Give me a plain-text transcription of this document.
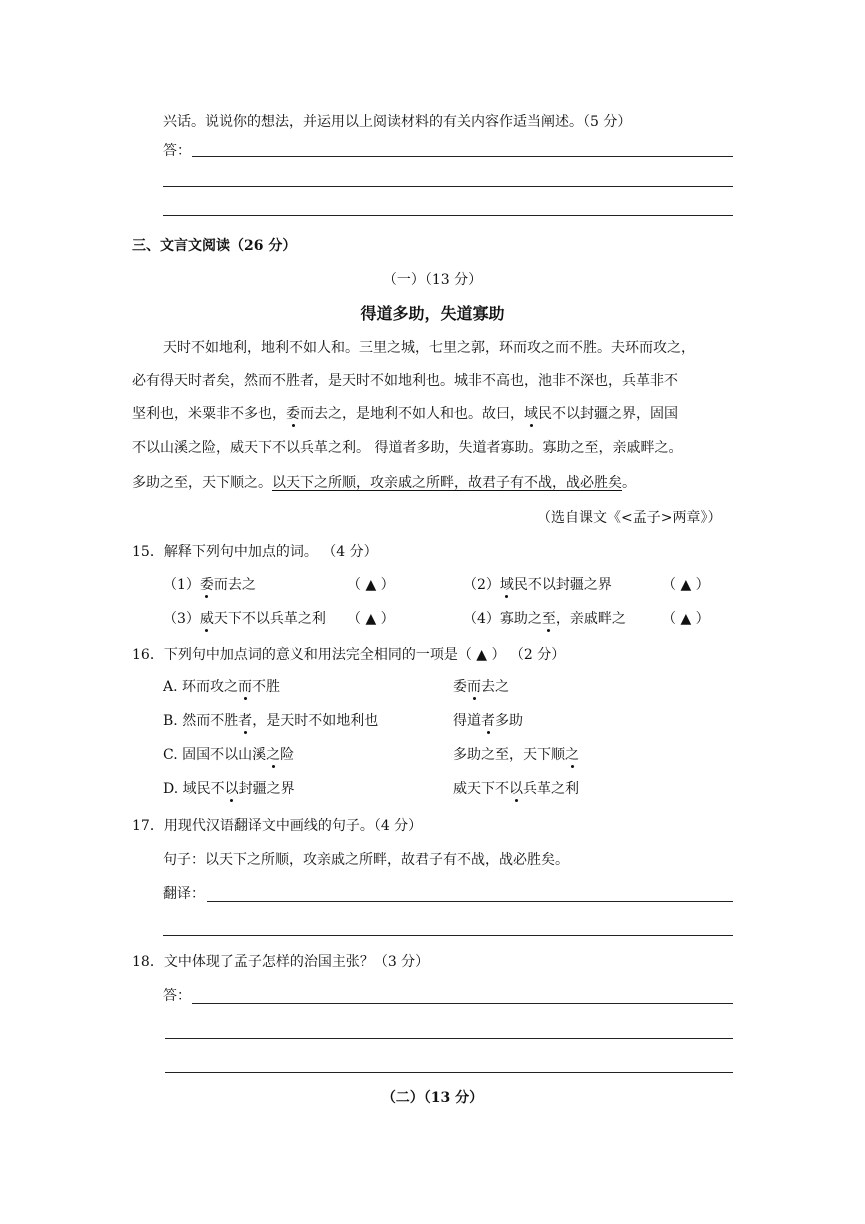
兴话。说说你的想法，并运用以上阅读材料的有关内容作适当阐述。（5 分）
答：
三、文言文阅读（26 分）
（一）（13 分）
得道多助，失道寡助
天时不如地利，地利不如人和。三里之城，七里之郭，环而攻之而不胜。夫环而攻之，
必有得天时者矣，然而不胜者，是天时不如地利也。城非不高也，池非不深也，兵革非不
坚利也，米粟非不多也，委而去之，是地利不如人和也。故曰，域民不以封疆之界，固国
不以山溪之险，威天下不以兵革之利。 得道者多助，失道者寡助。寡助之至，亲戚畔之。
多助之至，天下顺之。以天下之所顺，攻亲戚之所畔，故君子有不战，战必胜矣。
（选自课文《<孟子>两章》）
15．解释下列句中加点的词。 （4 分）
（1）委而去之	（ ▲ ）	（2）域民不以封疆之界	（ ▲ ）
（3）威天下不以兵革之利 （ ▲ ）	（4）寡助之至，亲戚畔之	（ ▲ ）
16．下列句中加点词的意义和用法完全相同的一项是（ ▲ ） （2 分）
A. 环而攻之而不胜	委而去之
B. 然而不胜者，是天时不如地利也	得道者多助
C. 固国不以山溪之险	多助之至，天下顺之
D. 域民不以封疆之界	威天下不以兵革之利
17．用现代汉语翻译文中画线的句子。（4 分）
句子：以天下之所顺，攻亲戚之所畔，故君子有不战，战必胜矣。
翻译：
18．文中体现了孟子怎样的治国主张？（3 分）
答：
（二）（13 分）
